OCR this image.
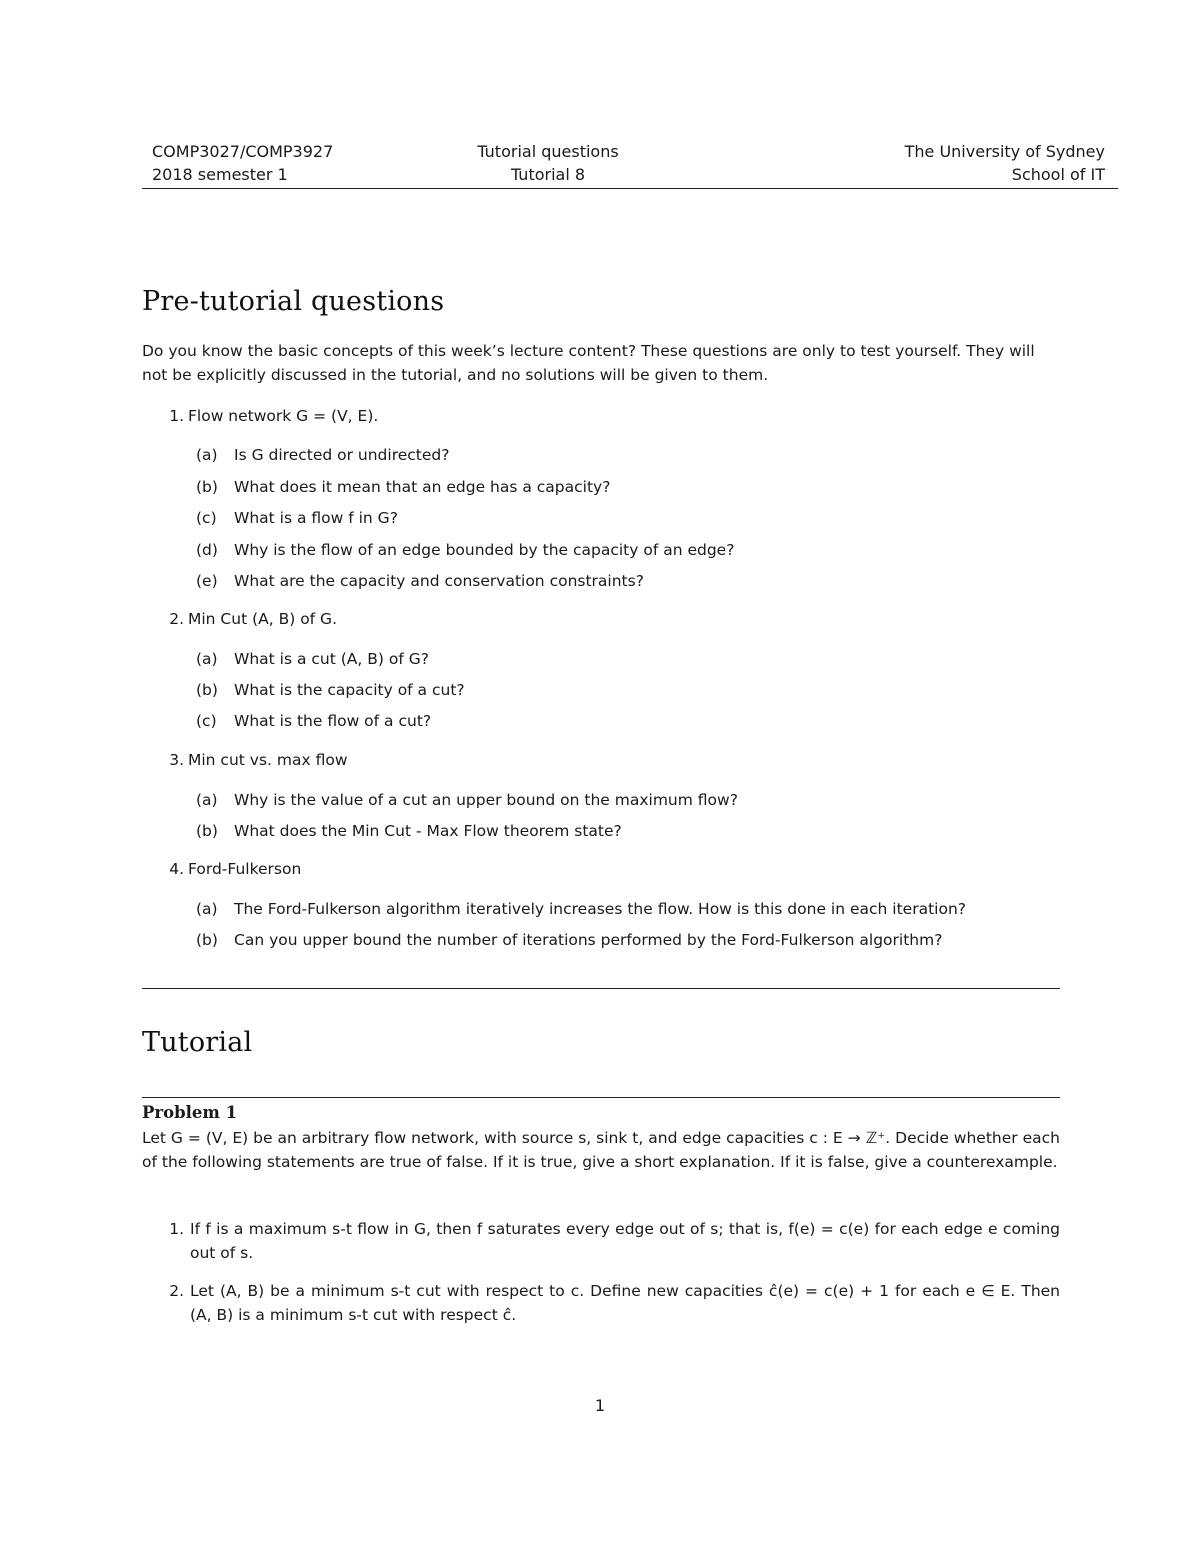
COMP3027/COMP3927	Tutorial questions	The University of Sydney
2018 semester 1	Tutorial 8	School of IT
Pre-tutorial questions

Do you know the basic concepts of this week’s lecture content? These questions are only to test yourself. They will not be explicitly discussed in the tutorial, and no solutions will be given to them.

1. Flow network G = (V, E).
(a)	Is G directed or undirected?
(b)	What does it mean that an edge has a capacity?
(c)	What is a flow f in G?
(d)	Why is the flow of an edge bounded by the capacity of an edge?
(e)	What are the capacity and conservation constraints?
2. Min Cut (A, B) of G.
(a)	What is a cut (A, B) of G?
(b)	What is the capacity of a cut?
(c)	What is the flow of a cut?
3. Min cut vs. max flow
(a)	Why is the value of a cut an upper bound on the maximum flow?
(b)	What does the Min Cut - Max Flow theorem state?
4. Ford-Fulkerson
(a)	The Ford-Fulkerson algorithm iteratively increases the flow. How is this done in each iteration?
(b)	Can you upper bound the number of iterations performed by the Ford-Fulkerson algorithm?
Tutorial
Problem 1

Let G = (V, E) be an arbitrary flow network, with source s, sink t, and edge capacities c : E → ℤ⁺. Decide whether each of the following statements are true of false. If it is true, give a short explanation. If it is false, give a counterexample.

1. If f is a maximum s-t flow in G, then f saturates every edge out of s; that is, f(e) = c(e) for each edge e coming out of s.
2. Let (A, B) be a minimum s-t cut with respect to c. Define new capacities ĉ(e) = c(e) + 1 for each e ∈ E. Then (A, B) is a minimum s-t cut with respect ĉ.
1
